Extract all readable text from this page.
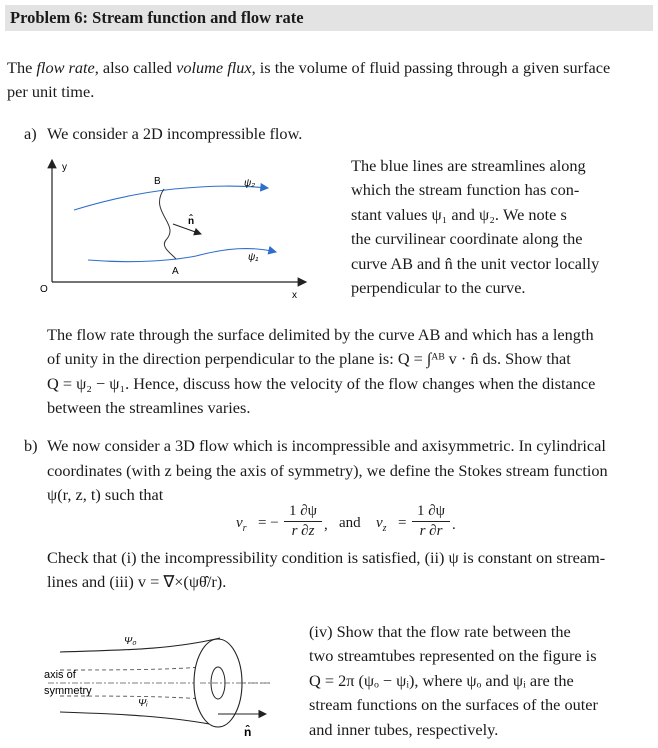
Problem 6: Stream function and flow rate
The flow rate, also called volume flux, is the volume of fluid passing through a given surface
per unit time.
a) We consider a 2D incompressible flow.
y
x
O
n̂
B
A
ψ₂
ψ₁
The blue lines are streamlines along
which the stream function has con-
stant values ψ₁ and ψ₂. We note s
the curvilinear coordinate along the
curve AB and n̂ the unit vector locally
perpendicular to the curve.
The flow rate through the surface delimited by the curve AB and which has a length
of unity in the direction perpendicular to the plane is: Q = ∫ᴬᴮ v · n̂ ds. Show that
Q = ψ₂ − ψ₁. Hence, discuss how the velocity of the flow changes when the distance
between the streamlines varies.
b) We now consider a 3D flow which is incompressible and axisymmetric. In cylindrical
coordinates (with z being the axis of symmetry), we define the Stokes stream function
ψ(r, z, t) such that
$v_r$ = − $\frac{1 \partial\psi}{r \partial z}$ , and $v_z = \frac{1 \partial\psi}{r \partial r}$ .
Check that (i) the incompressibility condition is satisfied, (ii) ψ is constant on stream-
lines and (iii) v = ∇×(ψθ̂/r).
n̂
Ψ₀
Ψᵢ
axis of
symmetry
(iv) Show that the flow rate between the
two streamtubes represented on the figure is
Q = 2π (ψₒ − ψᵢ), where ψₒ and ψᵢ are the
stream functions on the surfaces of the outer
and inner tubes, respectively.
